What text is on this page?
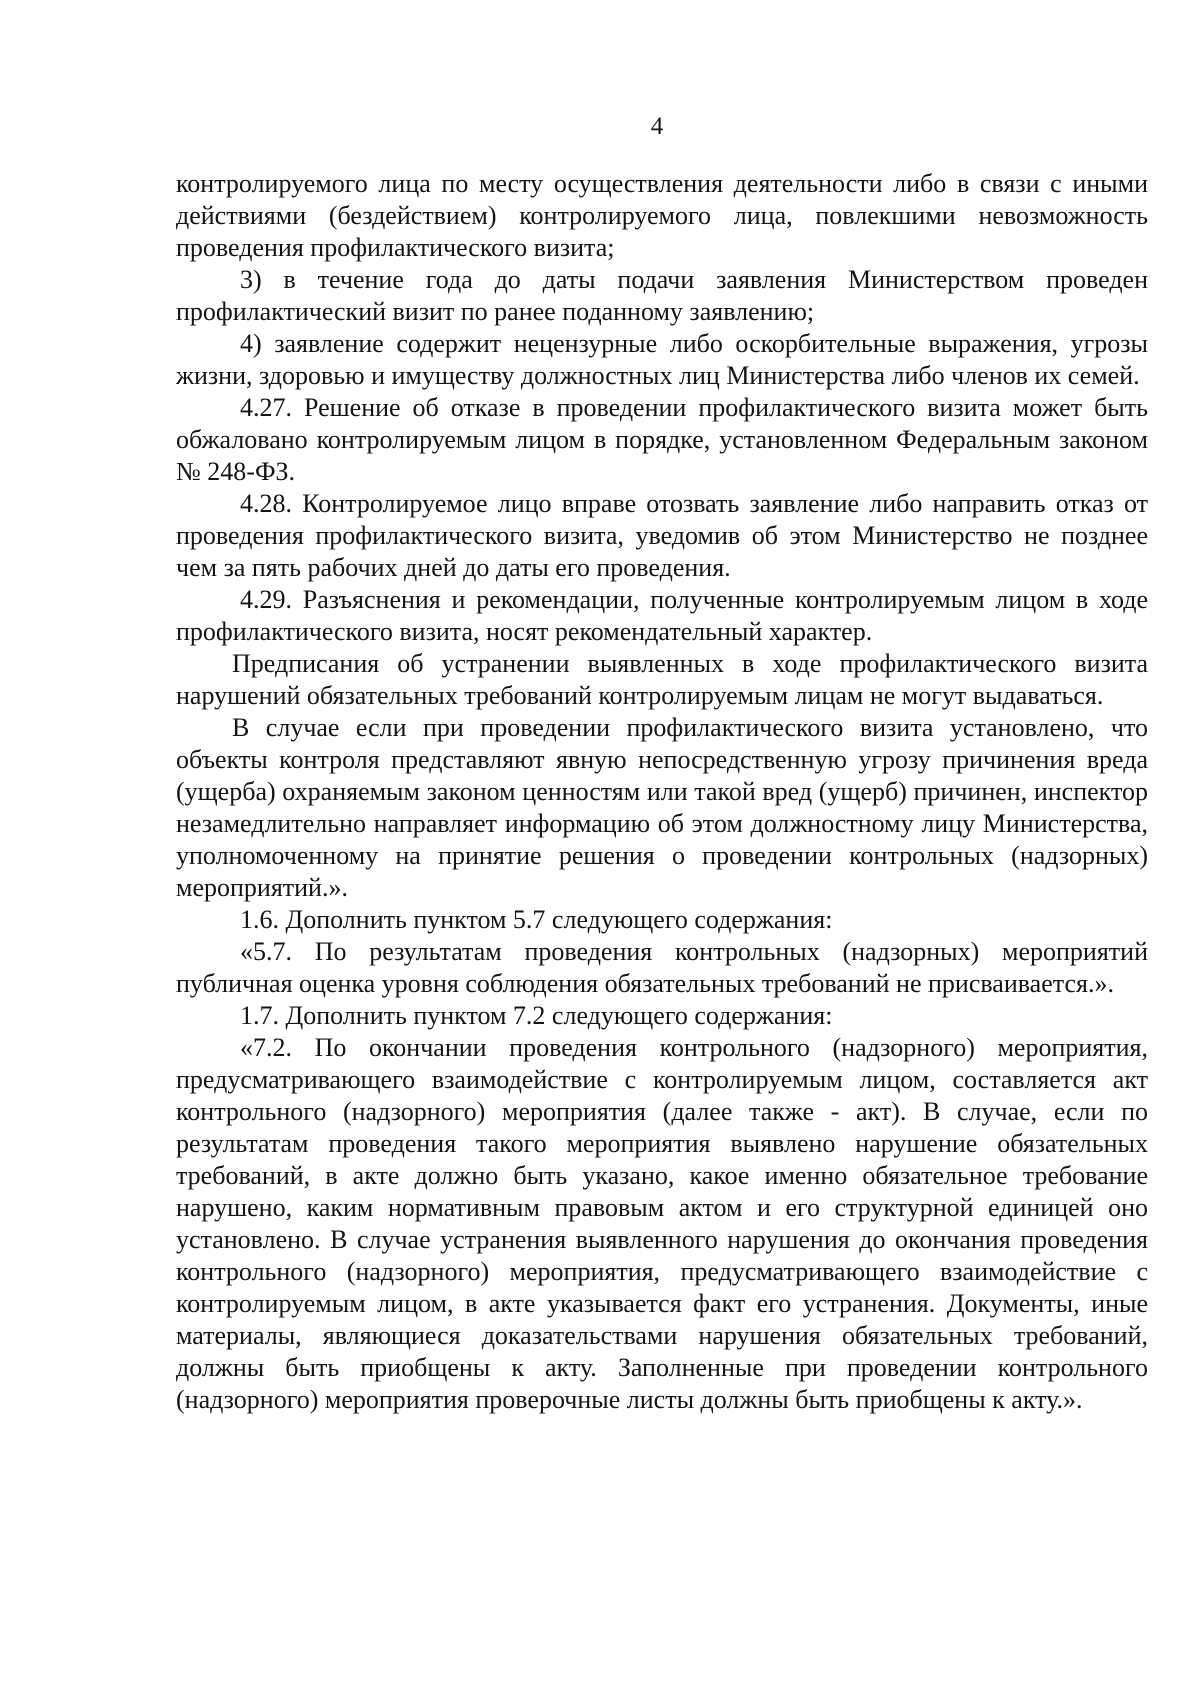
4

контролируемого лица по месту осуществления деятельности либо в связи с иными действиями (бездействием) контролируемого лица, повлекшими невозможность проведения профилактического визита;

3) в течение года до даты подачи заявления Министерством проведен профилактический визит по ранее поданному заявлению;

4) заявление содержит нецензурные либо оскорбительные выражения, угрозы жизни, здоровью и имуществу должностных лиц Министерства либо членов их семей.

4.27. Решение об отказе в проведении профилактического визита может быть обжаловано контролируемым лицом в порядке, установленном Федеральным законом № 248-ФЗ.

4.28. Контролируемое лицо вправе отозвать заявление либо направить отказ от проведения профилактического визита, уведомив об этом Министерство не позднее чем за пять рабочих дней до даты его проведения.

4.29. Разъяснения и рекомендации, полученные контролируемым лицом в ходе профилактического визита, носят рекомендательный характер.

Предписания об устранении выявленных в ходе профилактического визита нарушений обязательных требований контролируемым лицам не могут выдаваться.

В случае если при проведении профилактического визита установлено, что объекты контроля представляют явную непосредственную угрозу причинения вреда (ущерба) охраняемым законом ценностям или такой вред (ущерб) причинен, инспектор незамедлительно направляет информацию об этом должностному лицу Министерства, уполномоченному на принятие решения о проведении контрольных (надзорных) мероприятий.».

1.6. Дополнить пунктом 5.7 следующего содержания:

«5.7. По результатам проведения контрольных (надзорных) мероприятий публичная оценка уровня соблюдения обязательных требований не присваивается.».

1.7. Дополнить пунктом 7.2 следующего содержания:

«7.2. По окончании проведения контрольного (надзорного) мероприятия, предусматривающего взаимодействие с контролируемым лицом, составляется акт контрольного (надзорного) мероприятия (далее также - акт). В случае, если по результатам проведения такого мероприятия выявлено нарушение обязательных требований, в акте должно быть указано, какое именно обязательное требование нарушено, каким нормативным правовым актом и его структурной единицей оно установлено. В случае устранения выявленного нарушения до окончания проведения контрольного (надзорного) мероприятия, предусматривающего взаимодействие с контролируемым лицом, в акте указывается факт его устранения. Документы, иные материалы, являющиеся доказательствами нарушения обязательных требований, должны быть приобщены к акту. Заполненные при проведении контрольного (надзорного) мероприятия проверочные листы должны быть приобщены к акту.».
